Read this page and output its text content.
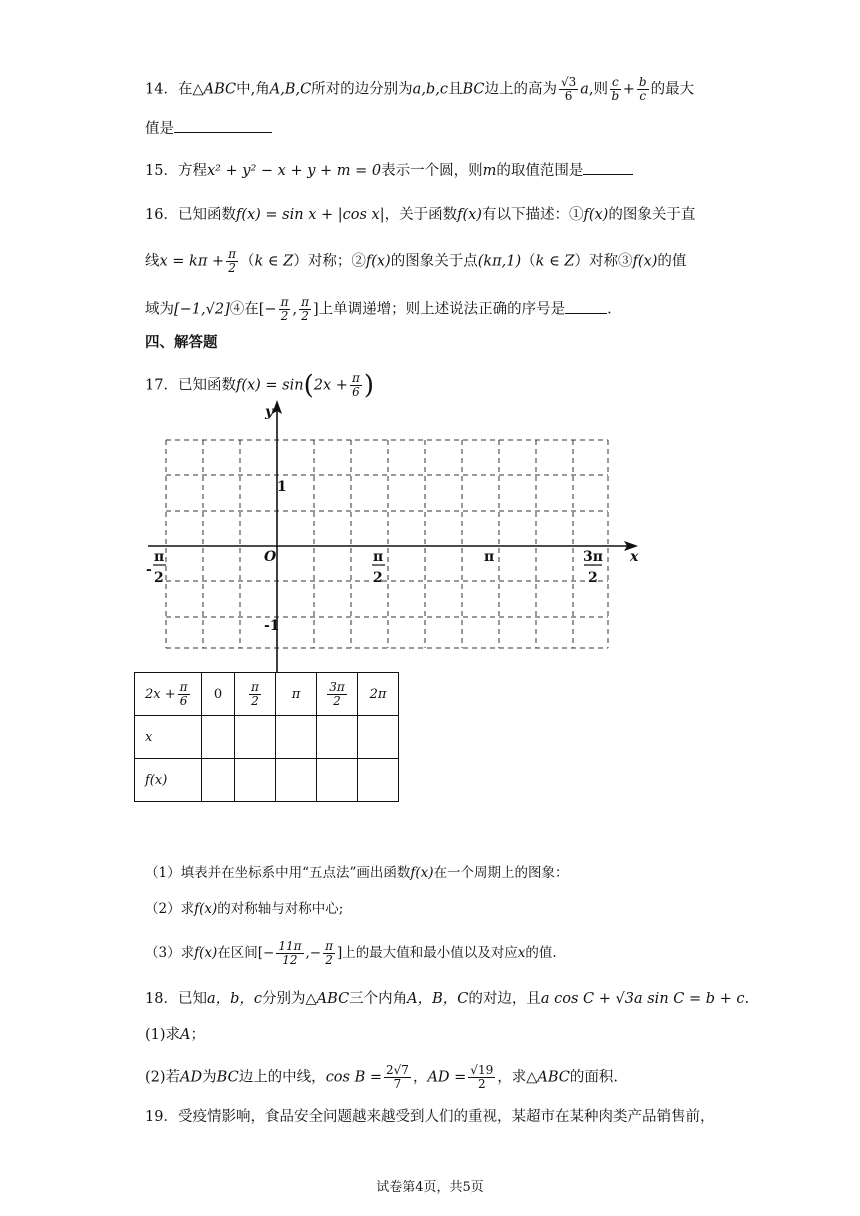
14．在△ABC中,角A,B,C所对的边分别为a,b,c且BC边上的高为 $\frac{√3}{6} a$,则 $\frac{c}{b} + \frac{b}{c}$ 的最大
值是
15．方程x² + y² − x + y + m = 0表示一个圆，则m的取值范围是
16．已知函数f(x) = sin x + |cos x|，关于函数f(x)有以下描述：①f(x)的图象关于直
线$x = k\pi + \frac{\pi}{2} (k$ ∈ Z）对称；②f(x)的图象关于点(kπ,1)（k ∈ Z）对称③f(x)的值
域为[−1,√2]④在[− $\frac{\pi}{2}$ , $\frac{\pi}{2}$ ]上单调递增；则上述说法正确的序号是	.
四、解答题
17．已知函数$f(x) = \sin(2x + \frac{\pi}{6}$ )
y
x
O
1
-1
-
π
2
π
2
π	3π
2
$2x + \frac{\pi}{6}$	0	$\frac{\pi}{2}$	π	$\frac{3\pi}{2}$	2π
x					
f(x)					
（1）填表并在坐标系中用“五点法”画出函数f(x)在一个周期上的图象：
（2）求f(x)的对称轴与对称中心;
（3）求f(x)在区间[− $\frac{11\pi}{12}$ ,− $\frac{\pi}{2}$ ]上的最大值和最小值以及对应x的值.
18．已知a，b，c分别为△ABC三个内角A，B，C的对边，且a cos C + √3a sin C = b + c.
(1)求A；
(2)若AD为BC边上的中线，$\cos B = \frac{2√7}{7}$ ，AD = $\frac{√19}{2}$ ，求△ABC的面积.
19．受疫情影响，食品安全问题越来越受到人们的重视，某超市在某种肉类产品销售前，
试卷第4页，共5页
